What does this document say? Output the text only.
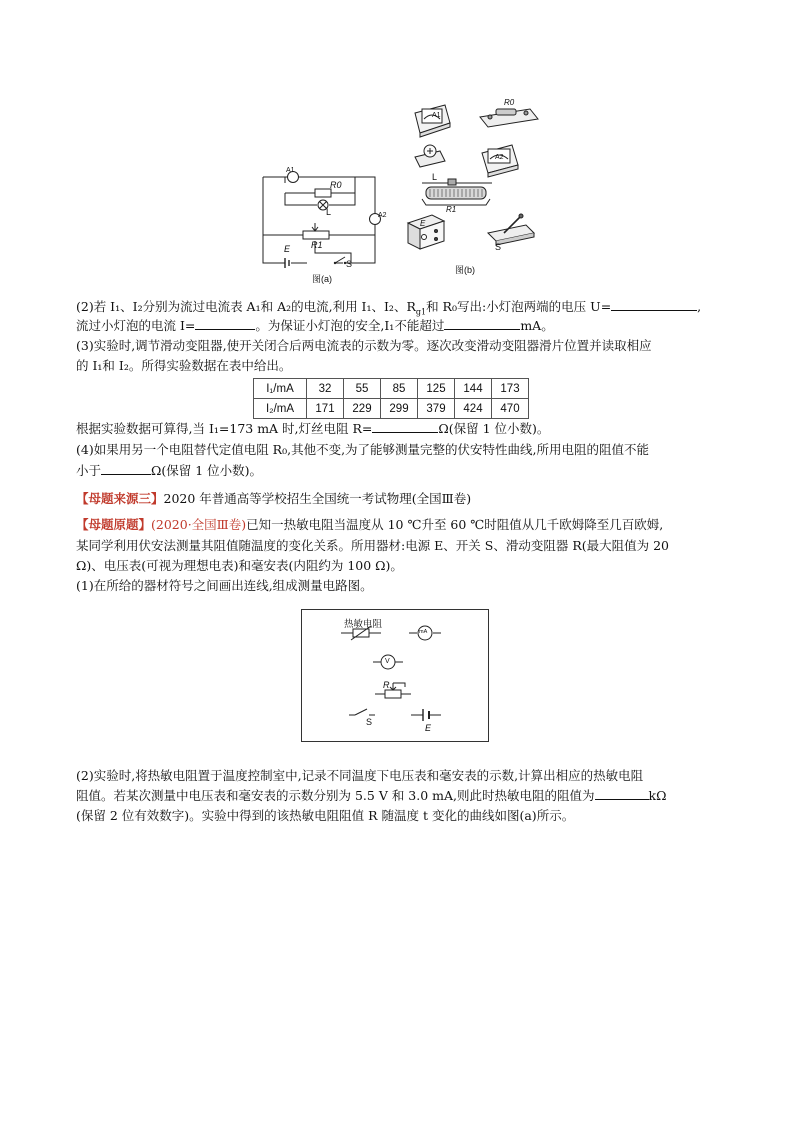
A1
R0
L	A2
E R1
S
图(a)
A1
R0
L
A2
R1
E
S
图(b)
(2)若 I₁、I₂分别为流过电流表 A₁和 A₂的电流,利用 I₁、I₂、$R_{g1}$和 R₀写出:小灯泡两端的电压 U=	,
流过小灯泡的电流 I=	。为保证小灯泡的安全,I₁不能超过	mA。
(3)实验时,调节滑动变阻器,使开关闭合后两电流表的示数为零。逐次改变滑动变阻器滑片位置并读取相应
的 I₁和 I₂。所得实验数据在表中给出。
I₁/mA	32	55	85	125	144	173
I₂/mA	171	229	299	379	424	470
根据实验数据可算得,当 I₁=173 mA 时,灯丝电阻 R=	Ω(保留 1 位小数)。
(4)如果用另一个电阻替代定值电阻 R₀,其他不变,为了能够测量完整的伏安特性曲线,所用电阻的阻值不能
小于	Ω(保留 1 位小数)。
【母题来源三】2020 年普通高等学校招生全国统一考试物理(全国Ⅲ卷)
【母题原题】(2020·全国Ⅲ卷)已知一热敏电阻当温度从 10 ℃升至 60 ℃时阻值从几千欧姆降至几百欧姆,
某同学利用伏安法测量其阻值随温度的变化关系。所用器材:电源 E、开关 S、滑动变阻器 R(最大阻值为 20
Ω)、电压表(可视为理想电表)和毫安表(内阻约为 100 Ω)。
(1)在所给的器材符号之间画出连线,组成测量电路图。
热敏电阻
mA
V
R
S
E
(2)实验时,将热敏电阻置于温度控制室中,记录不同温度下电压表和毫安表的示数,计算出相应的热敏电阻
阻值。若某次测量中电压表和毫安表的示数分别为 5.5 V 和 3.0 mA,则此时热敏电阻的阻值为	kΩ
(保留 2 位有效数字)。实验中得到的该热敏电阻阻值 R 随温度 t 变化的曲线如图(a)所示。
